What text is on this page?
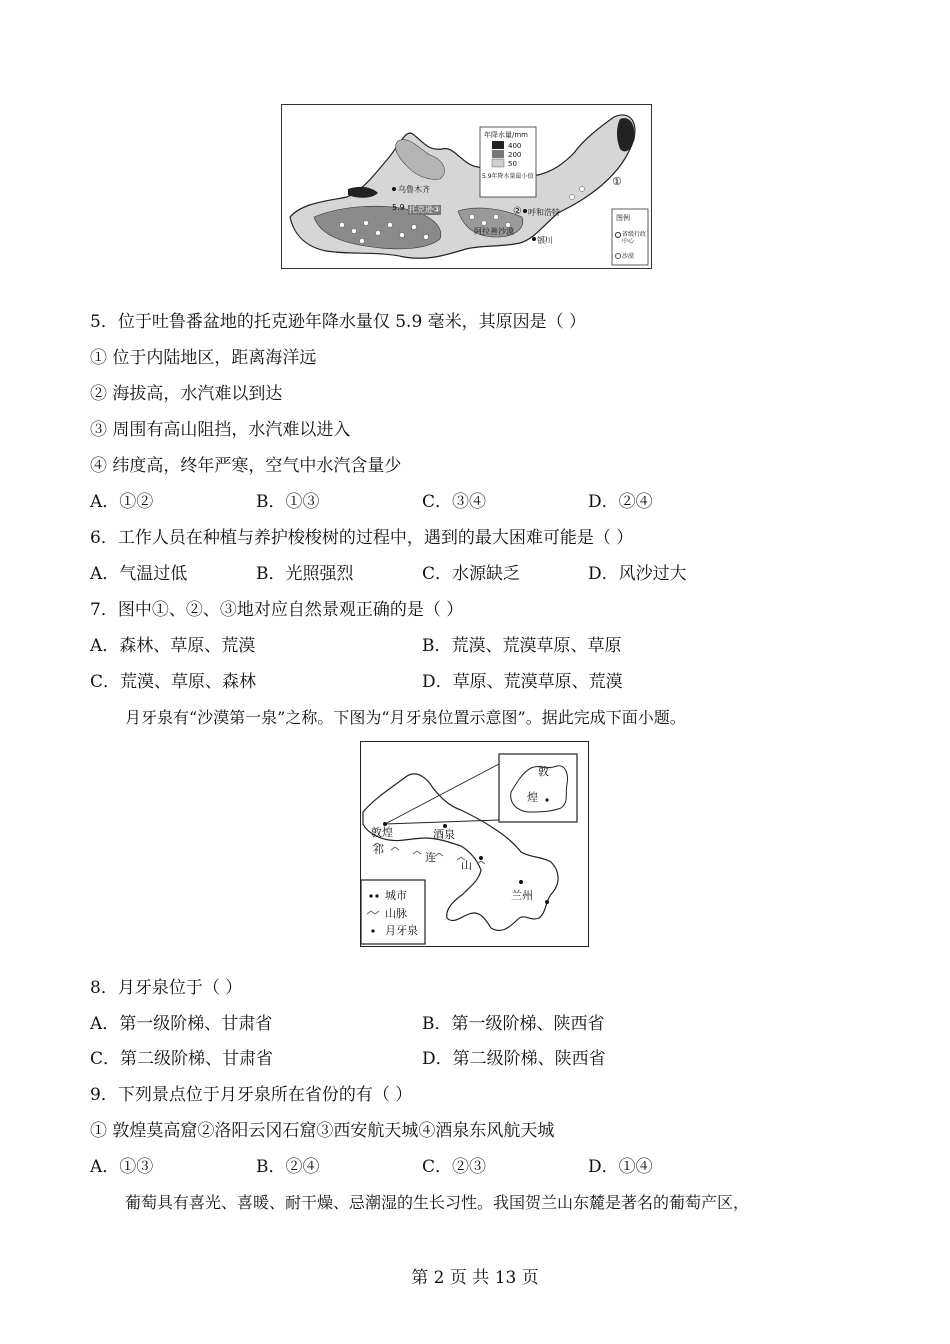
年降水量/mm
400
200
50
5.9年降水量最小值
图例
省级行政中心
沙漠
乌鲁木齐
5.9 托克逊③
阿拉善沙漠
呼和浩特
银川
①
②
5．位于吐鲁番盆地的托克逊年降水量仅 5.9 毫米，其原因是（ ）
① 位于内陆地区，距离海洋远
② 海拔高，水汽难以到达
③ 周围有高山阻挡，水汽难以进入
④ 纬度高，终年严寒，空气中水汽含量少
A．①②	B．①③	C．③④	D．②④
6．工作人员在种植与养护梭梭树的过程中，遇到的最大困难可能是（ ）
A．气温过低	B．光照强烈	C．水源缺乏	D．风沙过大
7．图中①、②、③地对应自然景观正确的是（ ）
A．森林、草原、荒漠	B．荒漠、荒漠草原、草原
C．荒漠、草原、森林	D．草原、荒漠草原、荒漠
月牙泉有“沙漠第一泉”之称。下图为“月牙泉位置示意图”。据此完成下面小题。
敦煌	酒泉
祁
连
山
兰州
敦
煌
城市
山脉
月牙泉
8．月牙泉位于（ ）
A．第一级阶梯、甘肃省	B．第一级阶梯、陕西省
C．第二级阶梯、甘肃省	D．第二级阶梯、陕西省
9．下列景点位于月牙泉所在省份的有（ ）
① 敦煌莫高窟②洛阳云冈石窟③西安航天城④酒泉东风航天城
A．①③	B．②④	C．②③	D．①④
葡萄具有喜光、喜暖、耐干燥、忌潮湿的生长习性。我国贺兰山东麓是著名的葡萄产区，
第 2 页 共 13 页
